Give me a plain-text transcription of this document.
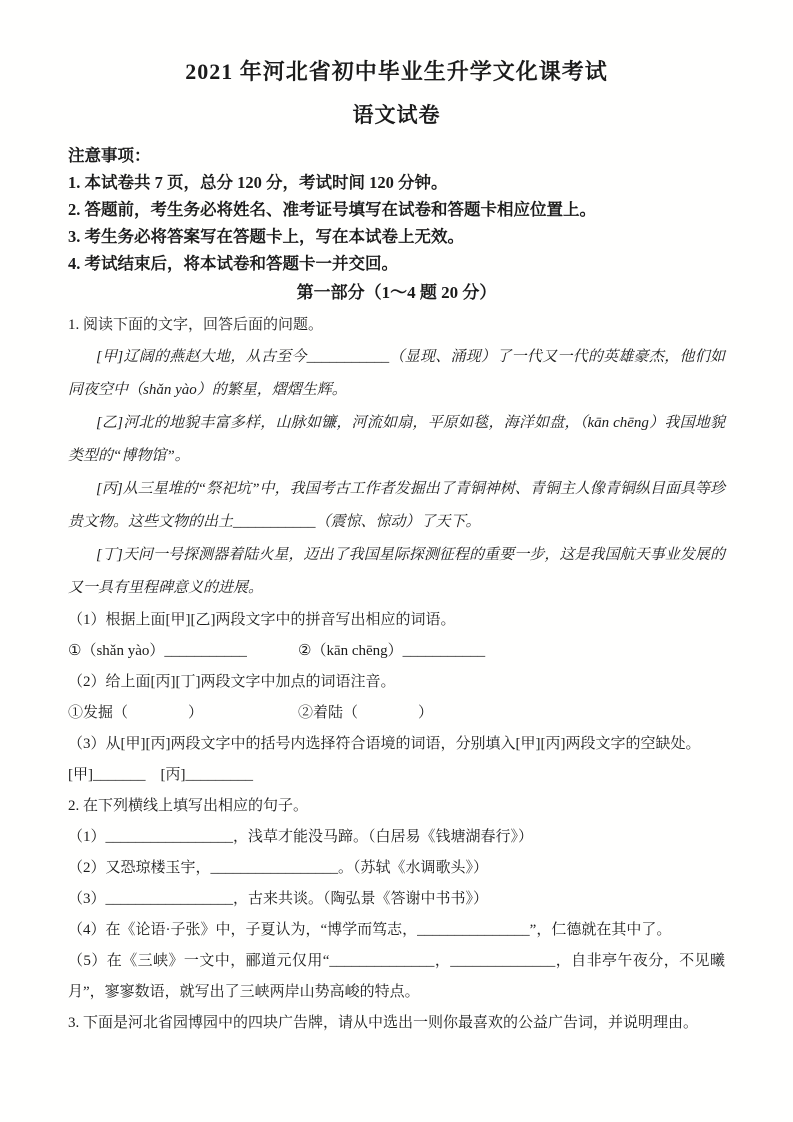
2021 年河北省初中毕业生升学文化课考试
语文试卷

注意事项：

1. 本试卷共 7 页，总分 120 分，考试时间 120 分钟。

2. 答题前，考生务必将姓名、准考证号填写在试卷和答题卡相应位置上。

3. 考生务必将答案写在答题卡上，写在本试卷上无效。

4. 考试结束后，将本试卷和答题卡一并交回。

第一部分（1～4 题 20 分）

1. 阅读下面的文字，回答后面的问题。

[甲]辽阔的燕赵大地，从古至今___________（显现、涌现）了一代又一代的英雄豪杰，他们如同夜空中（shǎn yào）的繁星，熠熠生辉。

[乙]河北的地貌丰富多样，山脉如镰，河流如扇，平原如毯，海洋如盘，（kān chēng）我国地貌类型的“博物馆”。

[丙]从三星堆的“祭祀坑”中，我国考古工作者发掘出了青铜神树、青铜主人像青铜纵目面具等珍贵文物。这些文物的出土___________（震惊、惊动）了天下。

[丁]天问一号探测器着陆火星，迈出了我国星际探测征程的重要一步，这是我国航天事业发展的又一具有里程碑意义的进展。

（1）根据上面[甲][乙]两段文字中的拼音写出相应的词语。

①（shǎn yào）___________	②（kān chēng）___________

（2）给上面[丙][丁]两段文字中加点的词语注音。

①发掘（　　　　）	②着陆（　　　　）

（3）从[甲][丙]两段文字中的括号内选择符合语境的词语，分别填入[甲][丙]两段文字的空缺处。

[甲]_______　[丙]_________

2. 在下列横线上填写出相应的句子。

（1）_________________，浅草才能没马蹄。（白居易《钱塘湖春行》）

（2）又恐琼楼玉宇，_________________。（苏轼《水调歌头》）

（3）_________________，古来共谈。（陶弘景《答谢中书书》）

（4）在《论语·子张》中，子夏认为，“博学而笃志，_______________”，仁德就在其中了。

（5）在《三峡》一文中，郦道元仅用“______________，______________，自非亭午夜分，不见曦月”，寥寥数语，就写出了三峡两岸山势高峻的特点。

3. 下面是河北省园博园中的四块广告牌，请从中选出一则你最喜欢的公益广告词，并说明理由。
